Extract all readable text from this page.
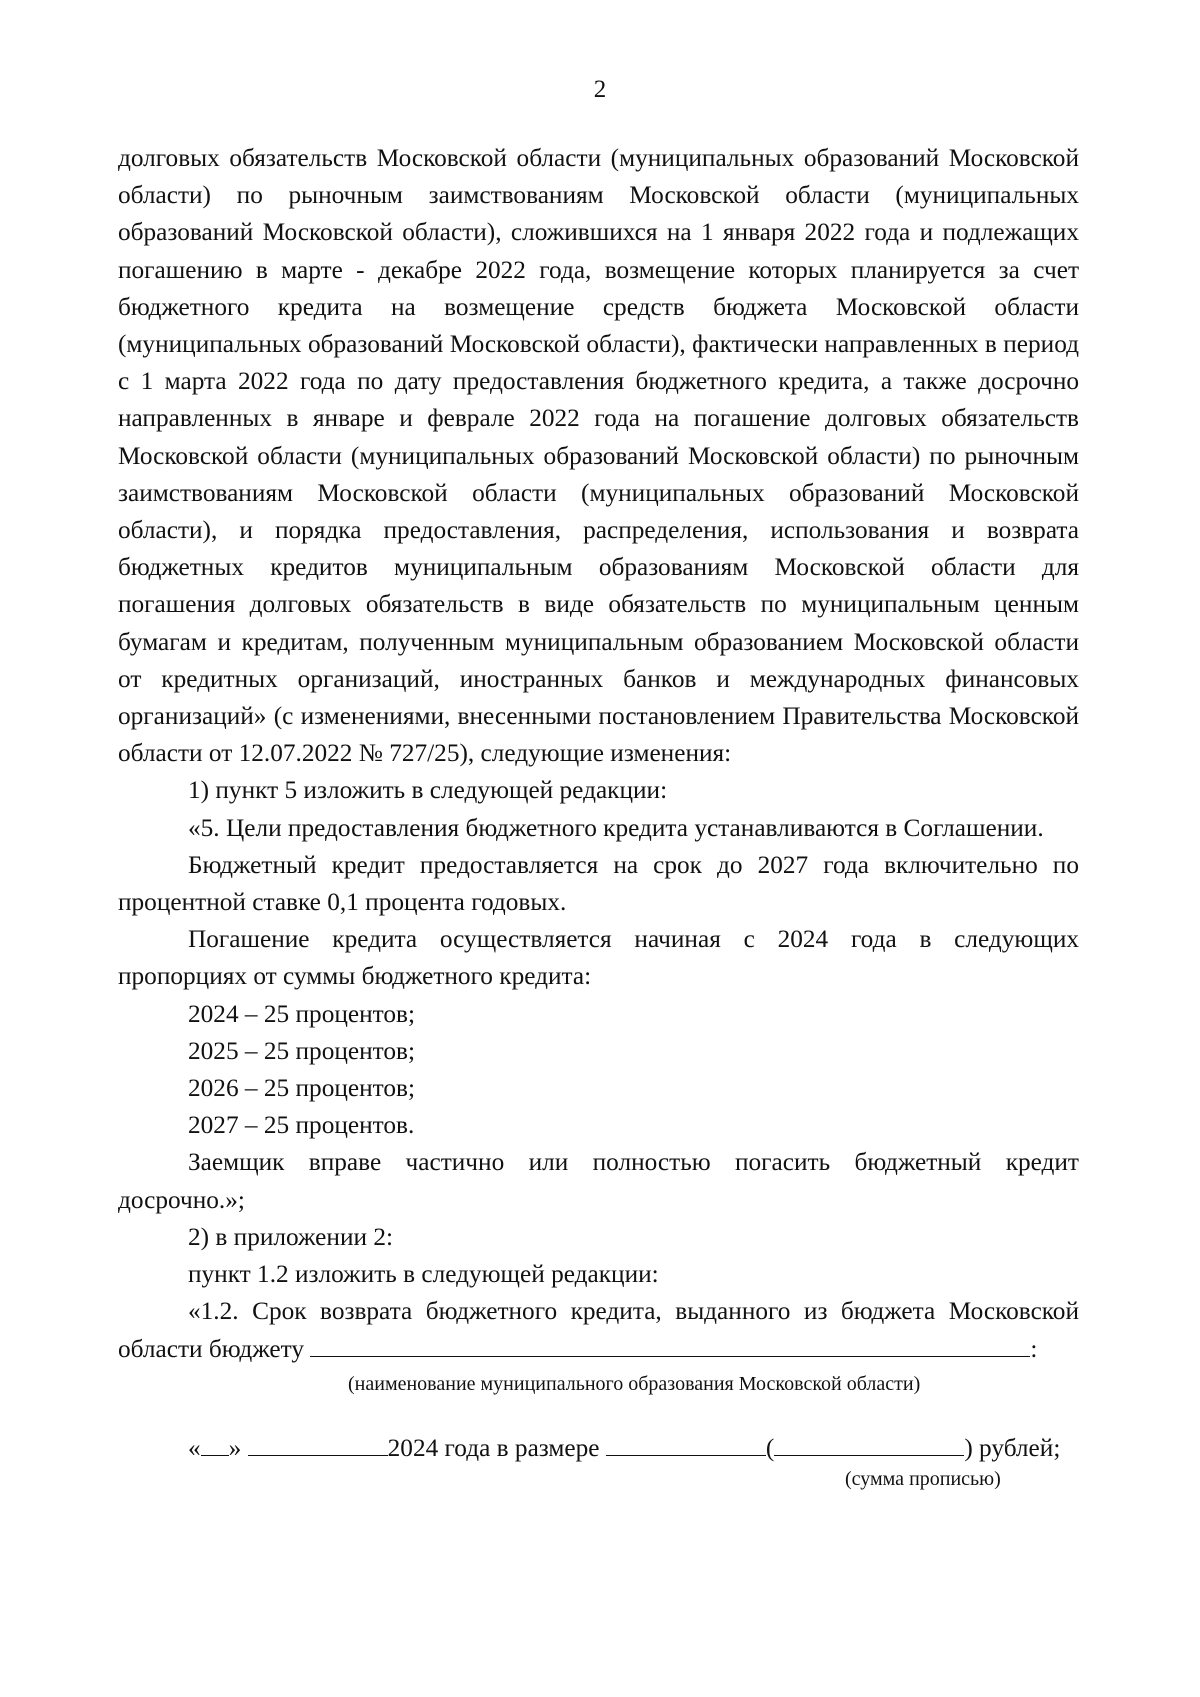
2

долговых обязательств Московской области (муниципальных образований Московской области) по рыночным заимствованиям Московской области (муниципальных образований Московской области), сложившихся на 1 января 2022 года и подлежащих погашению в марте - декабре 2022 года, возмещение которых планируется за счет бюджетного кредита на возмещение средств бюджета Московской области (муниципальных образований Московской области), фактически направленных в период с 1 марта 2022 года по дату предоставления бюджетного кредита, а также досрочно направленных в январе и феврале 2022 года на погашение долговых обязательств Московской области (муниципальных образований Московской области) по рыночным заимствованиям Московской области (муниципальных образований Московской области), и порядка предоставления, распределения, использования и возврата бюджетных кредитов муниципальным образованиям Московской области для погашения долговых обязательств в виде обязательств по муниципальным ценным бумагам и кредитам, полученным муниципальным образованием Московской области от кредитных организаций, иностранных банков и международных финансовых организаций» (с изменениями, внесенными постановлением Правительства Московской области от 12.07.2022 № 727/25), следующие изменения:

1) пункт 5 изложить в следующей редакции:

«5. Цели предоставления бюджетного кредита устанавливаются в Соглашении.

Бюджетный кредит предоставляется на срок до 2027 года включительно по процентной ставке 0,1 процента годовых.

Погашение кредита осуществляется начиная с 2024 года в следующих пропорциях от суммы бюджетного кредита:

2024 – 25 процентов;

2025 – 25 процентов;

2026 – 25 процентов;

2027 – 25 процентов.

Заемщик вправе частично или полностью погасить бюджетный кредит досрочно.»;

2) в приложении 2:

пункт 1.2 изложить в следующей редакции:

«1.2. Срок возврата бюджетного кредита, выданного из бюджета Московской области бюджету	:

(наименование муниципального образования Московской области)

« »	2024 года в размере	(	) рублей;

(сумма прописью)
